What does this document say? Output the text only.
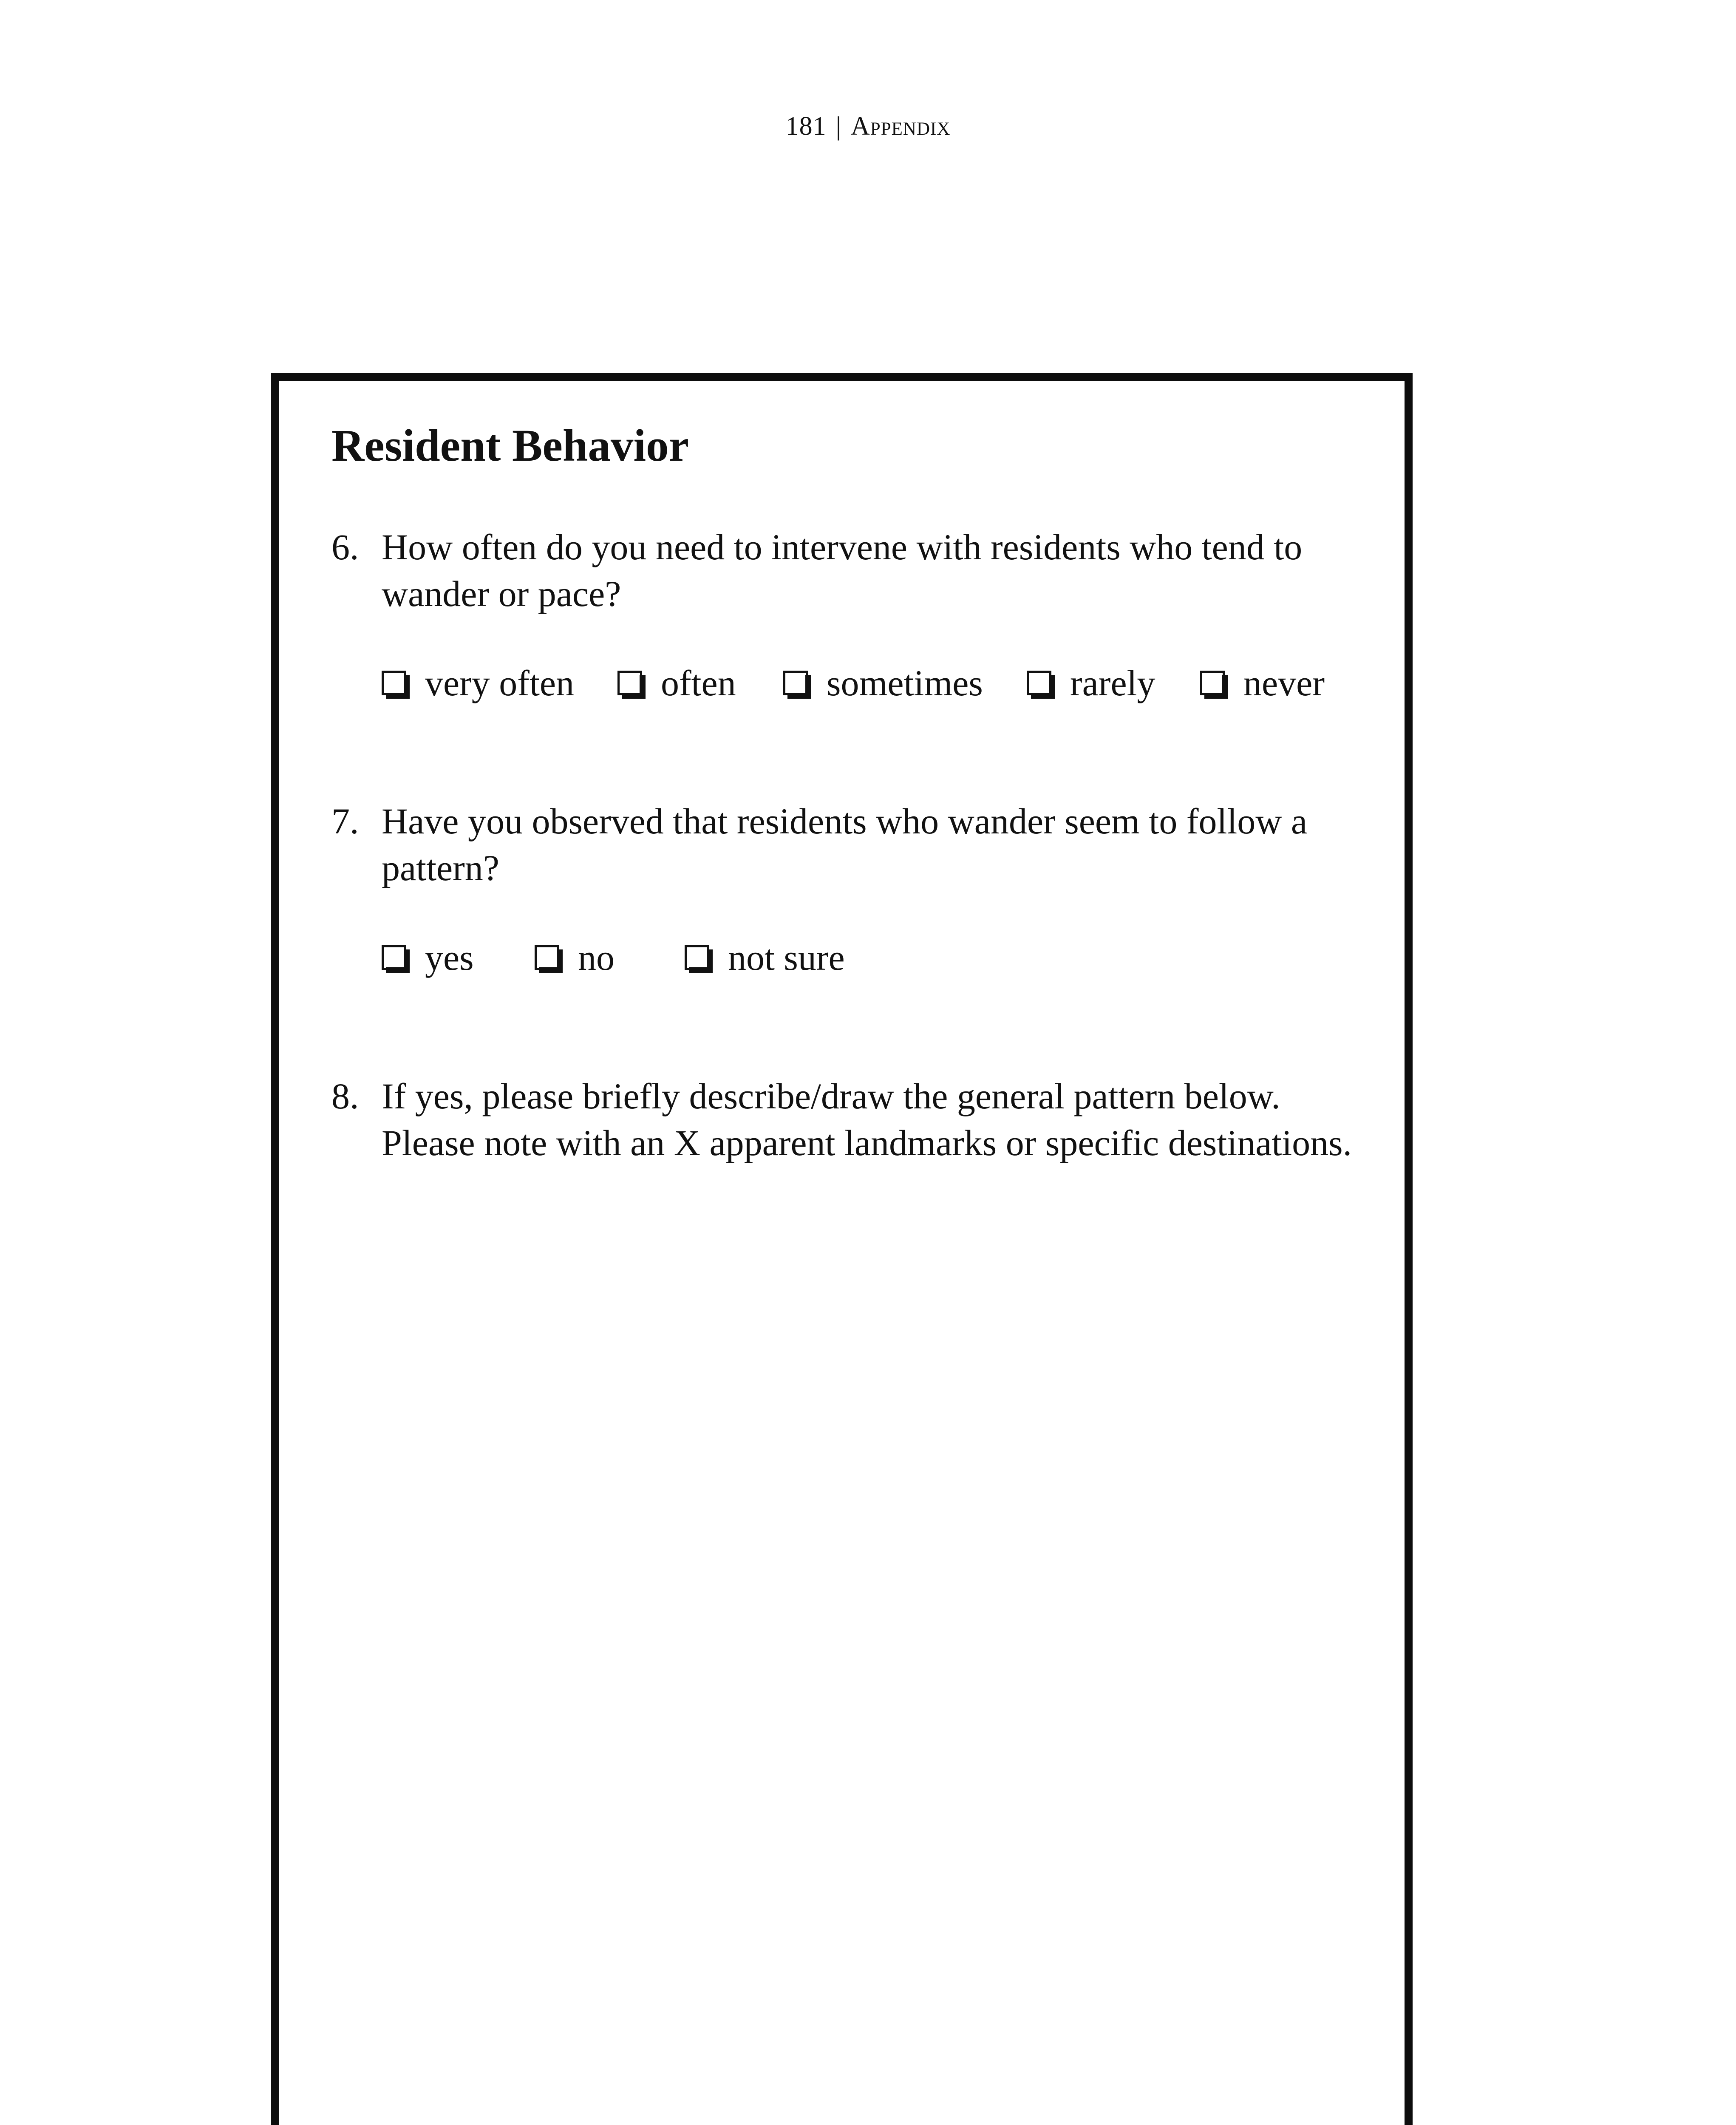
181 | Appendix
Resident Behavior
6. How often do you need to intervene with residents who tend to wander or pace?
very often	often	sometimes	rarely	never
7. Have you observed that residents who wander seem to follow a pattern?
yes	no	not sure
8. If yes, please briefly describe/draw the general pattern below. Please note with an X apparent landmarks or specific destinations.
